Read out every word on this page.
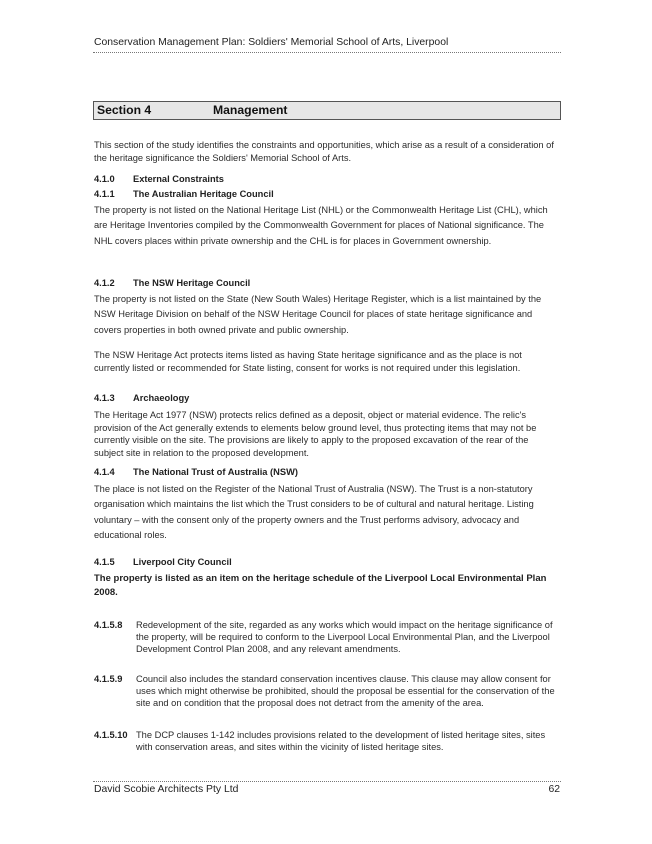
Conservation Management Plan: Soldiers' Memorial School of Arts, Liverpool
Section 4	Management

This section of the study identifies the constraints and opportunities, which arise as a result of a consideration of the heritage significance the Soldiers' Memorial School of Arts.

4.1.0 External Constraints
4.1.1 The Australian Heritage Council

The property is not listed on the National Heritage List (NHL) or the Commonwealth Heritage List (CHL), which are Heritage Inventories compiled by the Commonwealth Government for places of National significance. The NHL covers places within private ownership and the CHL is for places in Government ownership.

4.1.2 The NSW Heritage Council

The property is not listed on the State (New South Wales) Heritage Register, which is a list maintained by the NSW Heritage Division on behalf of the NSW Heritage Council for places of state heritage significance and covers properties in both owned private and public ownership.

The NSW Heritage Act protects items listed as having State heritage significance and as the place is not currently listed or recommended for State listing, consent for works is not required under this legislation.

4.1.3 Archaeology

The Heritage Act 1977 (NSW) protects relics defined as a deposit, object or material evidence. The relic's provision of the Act generally extends to elements below ground level, thus protecting items that may not be currently visible on the site. The provisions are likely to apply to the proposed excavation of the rear of the subject site in relation to the proposed development.

4.1.4 The National Trust of Australia (NSW)

The place is not listed on the Register of the National Trust of Australia (NSW). The Trust is a non-statutory organisation which maintains the list which the Trust considers to be of cultural and natural heritage. Listing voluntary – with the consent only of the property owners and the Trust performs advisory, advocacy and educational roles.

4.1.5 Liverpool City Council
The property is listed as an item on the heritage schedule of the Liverpool Local Environmental Plan 2008.
4.1.5.8 Redevelopment of the site, regarded as any works which would impact on the heritage significance of the property, will be required to conform to the Liverpool Local Environmental Plan, and the Liverpool Development Control Plan 2008, and any relevant amendments.
4.1.5.9 Council also includes the standard conservation incentives clause. This clause may allow consent for uses which might otherwise be prohibited, should the proposal be essential for the conservation of the site and on condition that the proposal does not detract from the amenity of the area.
4.1.5.10 The DCP clauses 1-142 includes provisions related to the development of listed heritage sites, sites with conservation areas, and sites within the vicinity of listed heritage sites.
David Scobie Architects Pty Ltd	62
